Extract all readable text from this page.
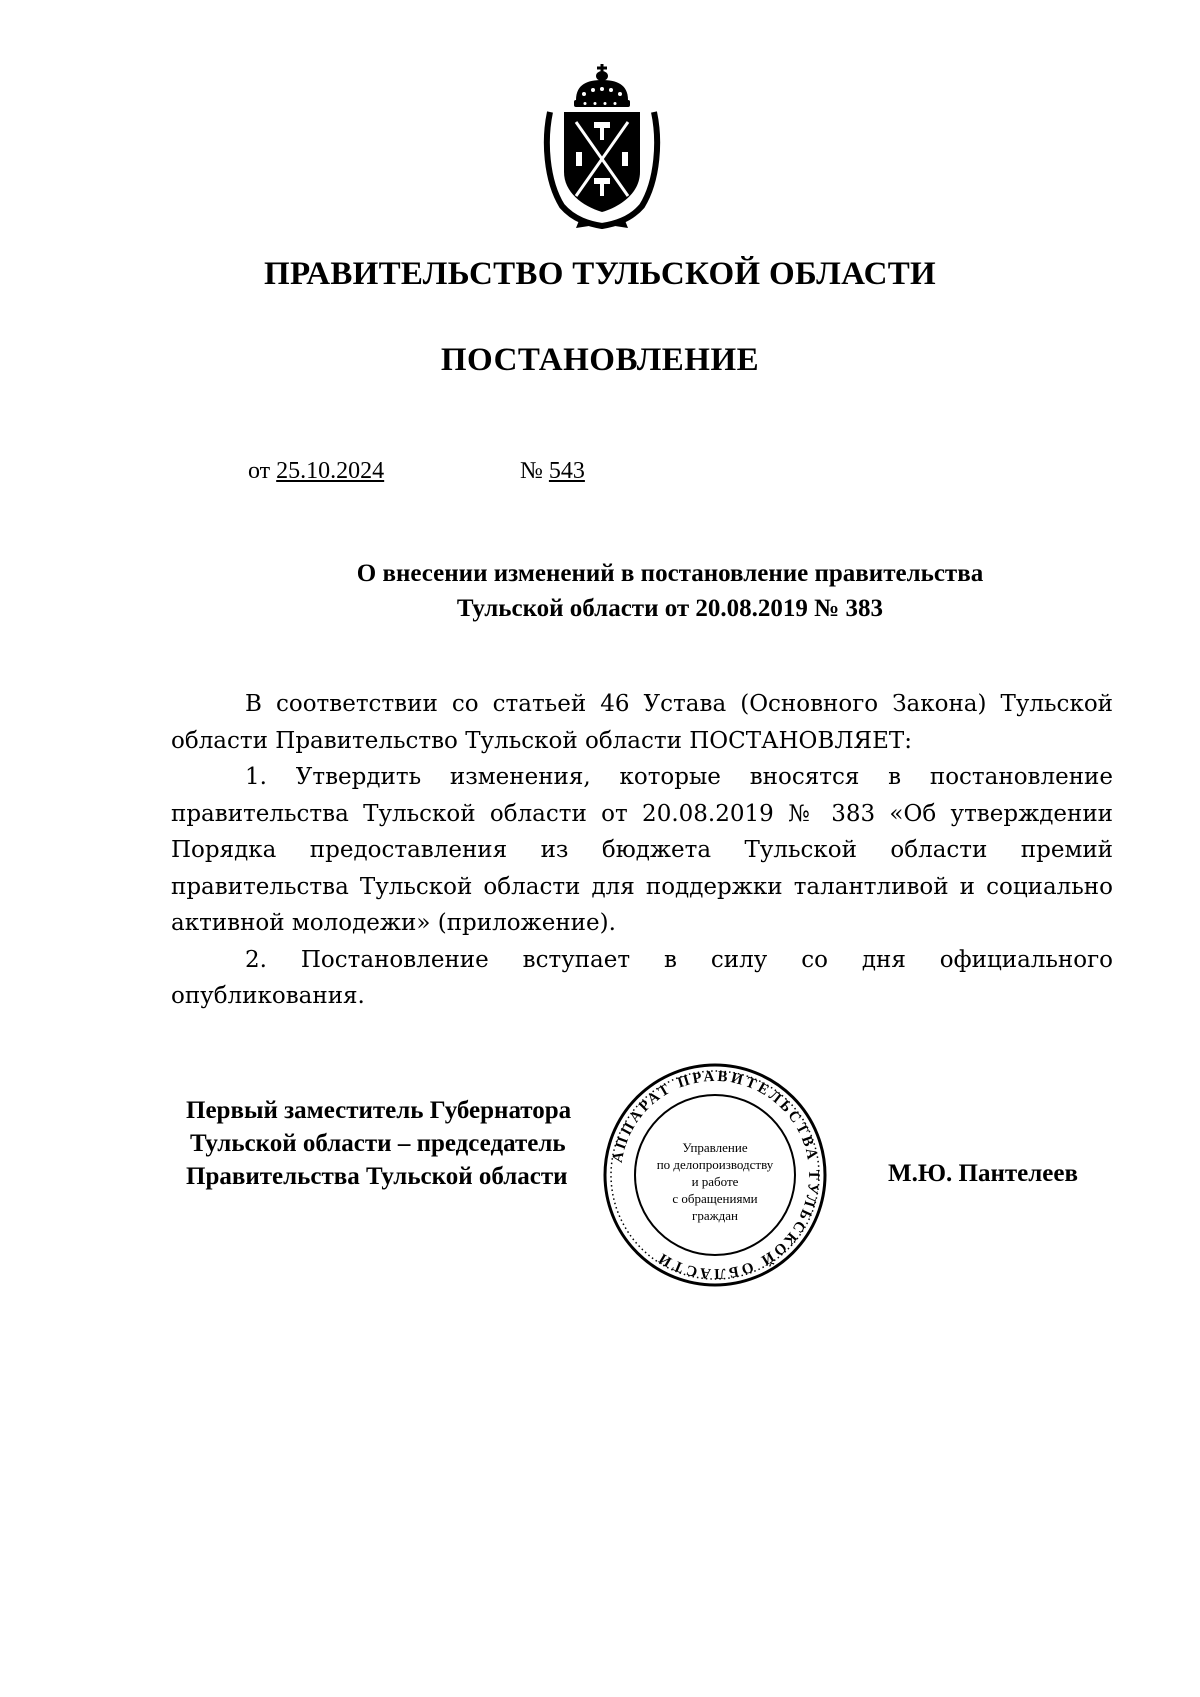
ПРАВИТЕЛЬСТВО ТУЛЬСКОЙ ОБЛАСТИ
ПОСТАНОВЛЕНИЕ
от 25.10.2024	№ 543
О внесении изменений в постановление правительства
Тульской области от 20.08.2019 № 383

В соответствии со статьей 46 Устава (Основного Закона) Тульской области Правительство Тульской области ПОСТАНОВЛЯЕТ:

1. Утвердить изменения, которые вносятся в постановление правительства Тульской области от 20.08.2019 № 383 «Об утверждении Порядка предоставления из бюджета Тульской области премий правительства Тульской области для поддержки талантливой и социально активной молодежи» (приложение).

2. Постановление вступает в силу со дня официального опубликования.

Первый заместитель Губернатора
Тульской области – председатель
Правительства Тульской области	М.Ю. Пантелеев
АППАРАТ ПРАВИТЕЛЬСТВА ТУЛЬСКОЙ ОБЛАСТИ
Управление
по делопроизводству
и работе
с обращениями
граждан
